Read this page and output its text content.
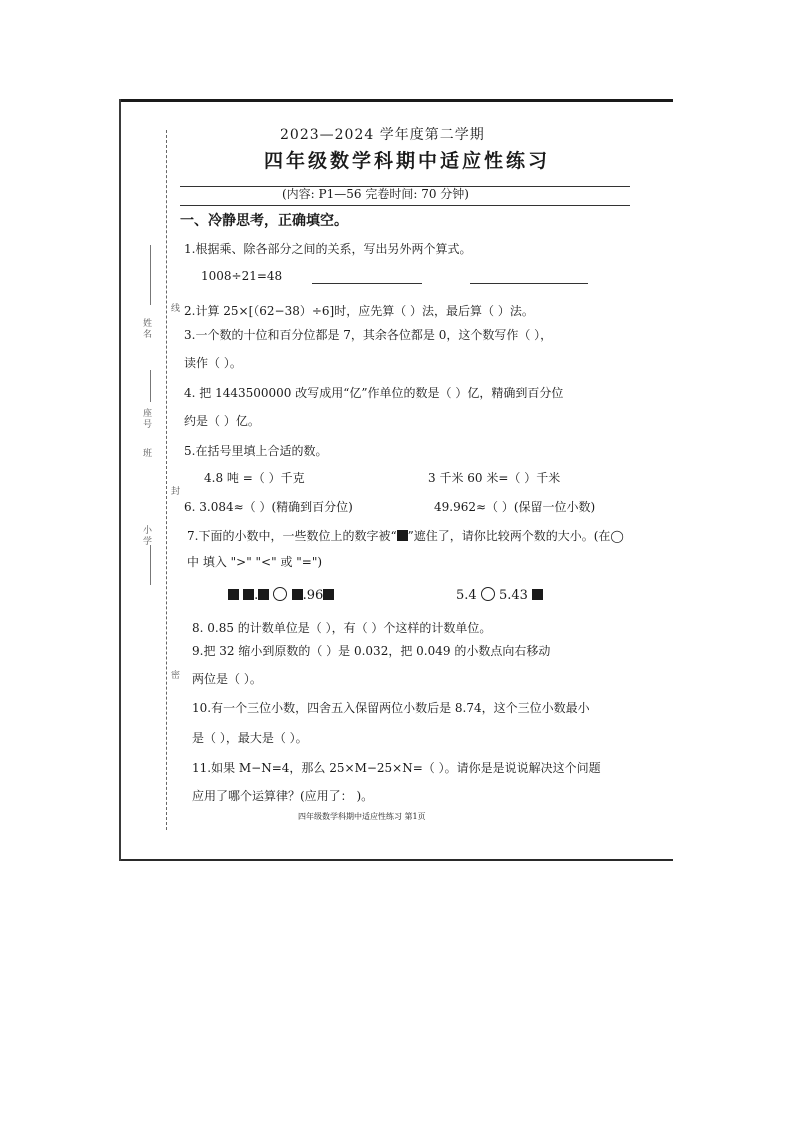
姓名
线
座号
班
封
小学
密
2023—2024 学年度第二学期
四年级数学科期中适应性练习
(内容: P1—56 完卷时间: 70 分钟)
一、冷静思考，正确填空。
1.根据乘、除各部分之间的关系，写出另外两个算式。
1008÷21=48
2.计算 25×[（62−38）÷6]时，应先算（ ）法，最后算（ ）法。
3.一个数的十位和百分位都是 7，其余各位都是 0，这个数写作（ ），
读作（ ）。
4. 把 1443500000 改写成用“亿”作单位的数是（ ）亿，精确到百分位
约是（ ）亿。
5.在括号里填上合适的数。
4.8 吨 =（ ）千克	3 千米 60 米=（ ）千米
6. 3.084≈（ ）(精确到百分位)	49.962≈（ ）(保留一位小数)
7.下面的小数中，一些数位上的数字被“ ”遮住了，请你比较两个数的大小。(在◯
中 填入 ">" "<" 或 "=")
.	.96	5.4 5.43
8. 0.85 的计数单位是（ ），有（ ）个这样的计数单位。
9.把 32 缩小到原数的（ ）是 0.032，把 0.049 的小数点向右移动
两位是（ ）。
10.有一个三位小数，四舍五入保留两位小数后是 8.74，这个三位小数最小
是（ ），最大是（ ）。
11.如果 M−N=4，那么 25×M−25×N=（ ）。请你是是说说解决这个问题
应用了哪个运算律？(应用了： )。
四年级数学科期中适应性练习 第1页
